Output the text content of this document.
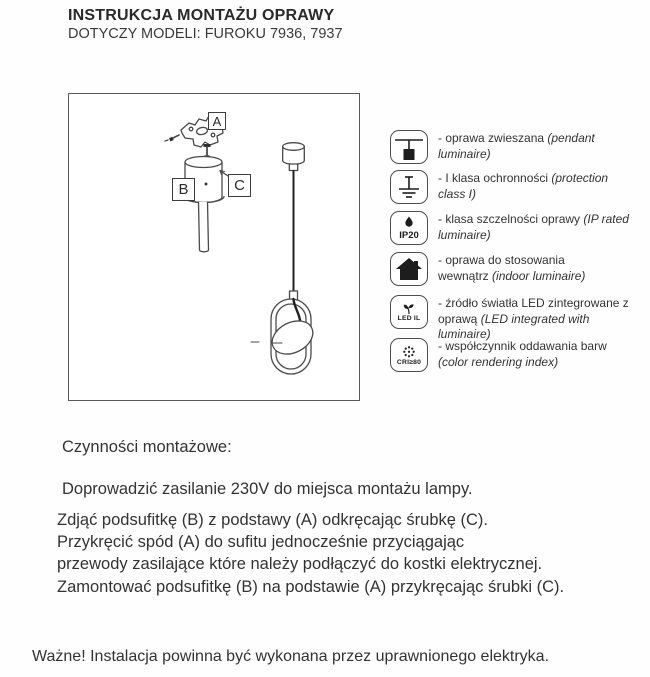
INSTRUKCJA MONTAŻU OPRAWY
DOTYCZY MODELI: FUROKU 7936, 7937
A
B	C
- oprawa zwieszana (pendant luminaire)
- I klasa ochronności (protection class I)
IP20
- klasa szczelności oprawy (IP rated luminaire)
- oprawa do stosowania wewnątrz (indoor luminaire)
LED IL
- źródło światła LED zintegrowane z oprawą (LED integrated with luminaire)
CRI≥80
- współczynnik oddawania barw (color rendering index)
Czynności montażowe:
Doprowadzić zasilanie 230V do miejsca montażu lampy.
Zdjąć podsufitkę (B) z podstawy (A) odkręcając śrubkę (C).
Przykręcić spód (A) do sufitu jednocześnie przyciągając
przewody zasilające które należy podłączyć do kostki elektrycznej.
Zamontować podsufitkę (B) na podstawie (A) przykręcając śrubki (C).
Ważne! Instalacja powinna być wykonana przez uprawnionego elektryka.
